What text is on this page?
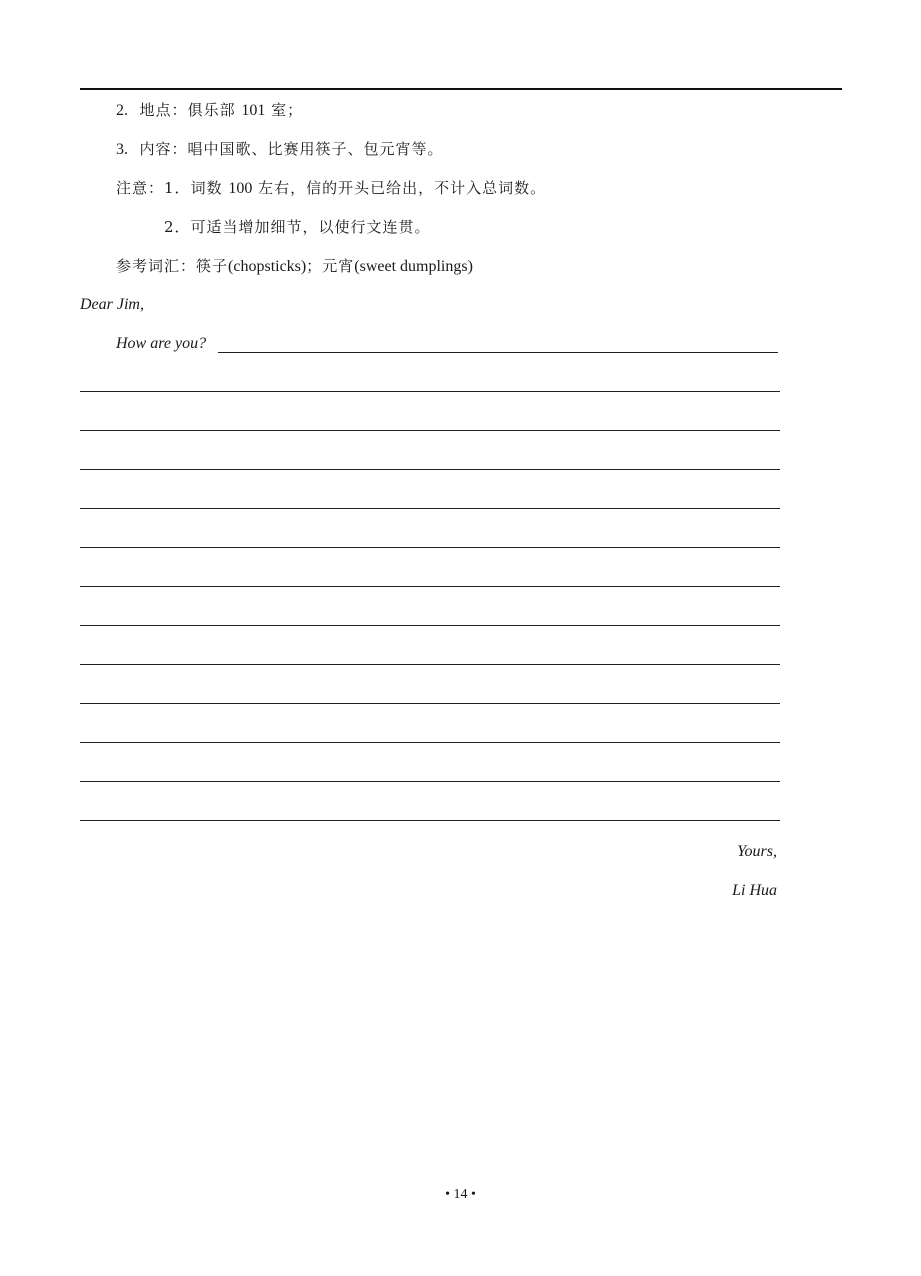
2. 地点：俱乐部 101 室；
3. 内容：唱中国歌、比赛用筷子、包元宵等。
注意：1．词数 100 左右，信的开头已给出，不计入总词数。
2．可适当增加细节，以使行文连贯。
参考词汇：筷子(chopsticks)；元宵(sweet dumplings)
Dear Jim,
How are you?
Yours,
Li Hua
• 14 •
